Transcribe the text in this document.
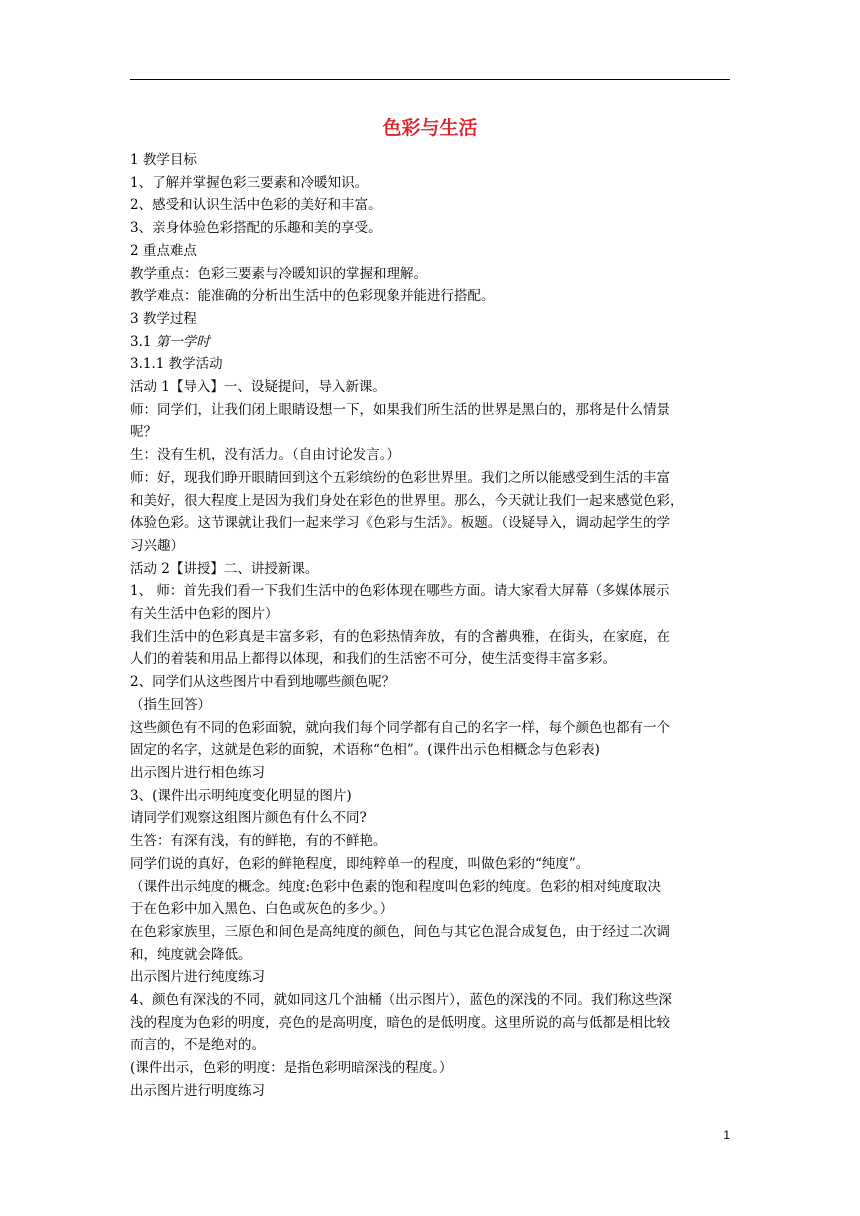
色彩与生活
1 教学目标
1、了解并掌握色彩三要素和冷暖知识。
2、感受和认识生活中色彩的美好和丰富。
3、亲身体验色彩搭配的乐趣和美的享受。
2 重点难点
教学重点：色彩三要素与冷暖知识的掌握和理解。
教学难点：能准确的分析出生活中的色彩现象并能进行搭配。
3 教学过程
3.1 第一学时
3.1.1 教学活动
活动 1【导入】一、设疑提问，导入新课。
师：同学们，让我们闭上眼睛设想一下，如果我们所生活的世界是黑白的，那将是什么情景
呢？
生：没有生机，没有活力。（自由讨论发言。）
师：好，现我们睁开眼睛回到这个五彩缤纷的色彩世界里。我们之所以能感受到生活的丰富
和美好，很大程度上是因为我们身处在彩色的世界里。那么，今天就让我们一起来感觉色彩，
体验色彩。这节课就让我们一起来学习《色彩与生活》。板题。（设疑导入，调动起学生的学
习兴趣）
活动 2【讲授】二、讲授新课。
1、 师：首先我们看一下我们生活中的色彩体现在哪些方面。请大家看大屏幕（多媒体展示
有关生活中色彩的图片）
我们生活中的色彩真是丰富多彩，有的色彩热情奔放，有的含蓄典雅，在街头，在家庭，在
人们的着装和用品上都得以体现，和我们的生活密不可分，使生活变得丰富多彩。
2、同学们从这些图片中看到地哪些颜色呢？
（指生回答）
这些颜色有不同的色彩面貌，就向我们每个同学都有自己的名字一样，每个颜色也都有一个
固定的名字，这就是色彩的面貌，术语称“色相”。(课件出示色相概念与色彩表)
出示图片进行相色练习
3、(课件出示明纯度变化明显的图片)
请同学们观察这组图片颜色有什么不同?
生答：有深有浅，有的鲜艳，有的不鲜艳。
同学们说的真好，色彩的鲜艳程度，即纯粹单一的程度，叫做色彩的“纯度”。
（课件出示纯度的概念。纯度:色彩中色素的饱和程度叫色彩的纯度。色彩的相对纯度取决
于在色彩中加入黑色、白色或灰色的多少。）
在色彩家族里，三原色和间色是高纯度的颜色，间色与其它色混合成复色，由于经过二次调
和，纯度就会降低。
出示图片进行纯度练习
4、颜色有深浅的不同，就如同这几个油桶（出示图片），蓝色的深浅的不同。我们称这些深
浅的程度为色彩的明度，亮色的是高明度，暗色的是低明度。这里所说的高与低都是相比较
而言的，不是绝对的。
(课件出示，色彩的明度：是指色彩明暗深浅的程度。）
出示图片进行明度练习
1
